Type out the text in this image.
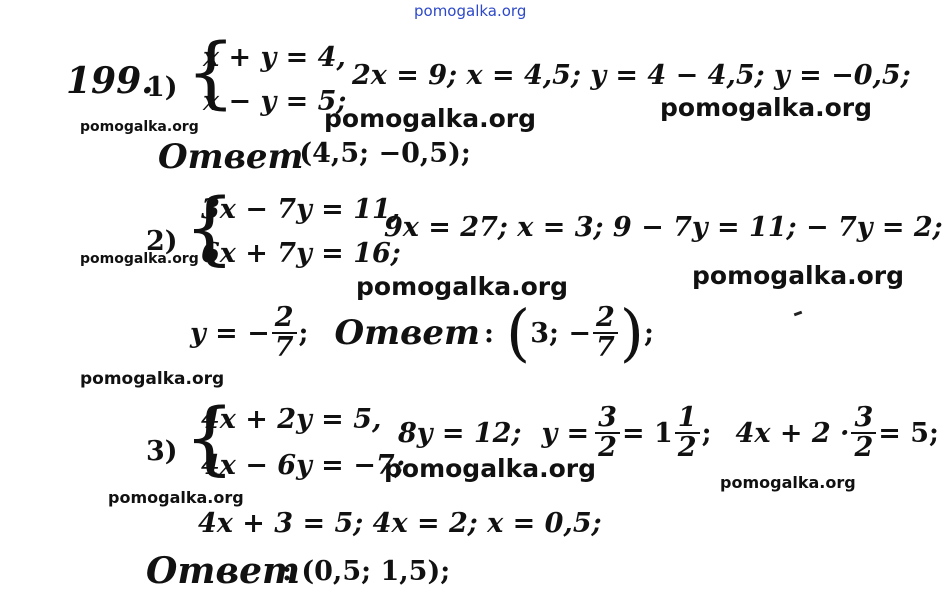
pomogalka.org
199.
1) {
x + y = 4,
x − y = 5;
2x = 9; x = 4,5; y = 4 − 4,5; y = −0,5;
pomogalka.org	pomogalka.org
pomogalka.org
Ответ
: (4,5; −0,5);
2) {
3x − 7y = 11,
6x + 7y = 16;
9x = 27; x = 3; 9 − 7y = 11; − 7y = 2;
pomogalka.org
pomogalka.org	pomogalka.org
y = − $\frac{2}{7}$ ; Ответ : ( 3; − $\frac{2}{7}$ ) ;
pomogalka.org
3) {
4x + 2y = 5,
4x − 6y = −7;
8y = 12; $y = \frac{3}{2} = 1 \frac{1}{2}$ ; $4x + 2 \cdot \frac{3}{2} = 5$;
pomogalka.org	pomogalka.org
pomogalka.org
4x + 3 = 5; 4x = 2; x = 0,5;
Ответ
: (0,5; 1,5);
